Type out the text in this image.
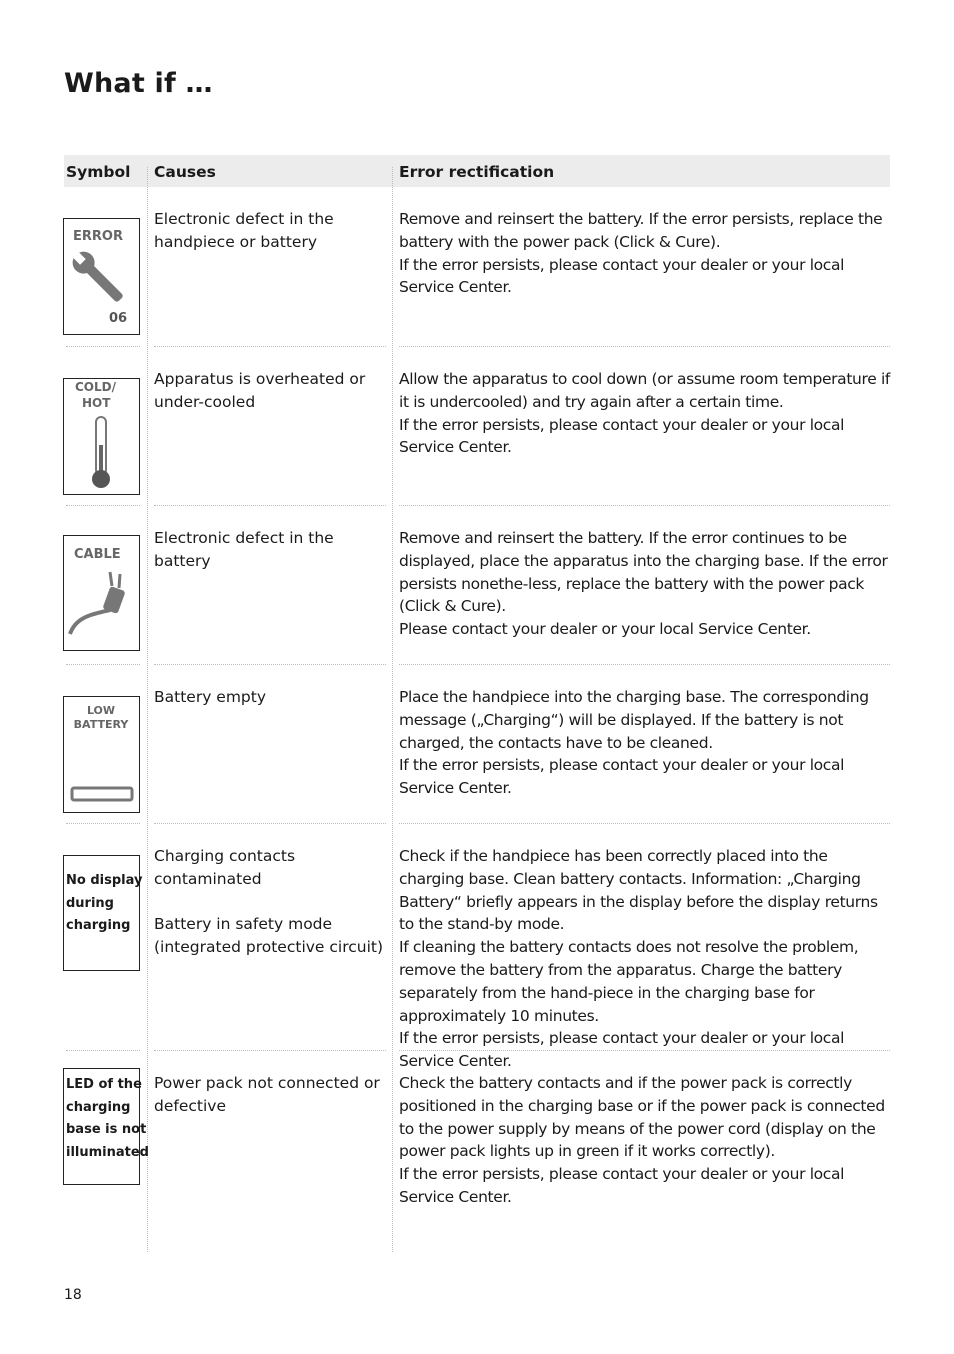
What if …
Symbol Causes	Error rectification
ERROR
06
Electronic defect in the handpiece or battery
Remove and reinsert the battery. If the error persists, replace the battery with the power pack (Click & Cure).
If the error persists, please contact your dealer or your local Service Center.
COLD/
HOT
Apparatus is overheated or under-cooled
Allow the apparatus to cool down (or assume room temperature if it is undercooled) and try again after a certain time.
If the error persists, please contact your dealer or your local Service Center.
CABLE
Electronic defect in the battery
Remove and reinsert the battery. If the error continues to be displayed, place the apparatus into the charging base. If the error persists nonethe-less, replace the battery with the power pack (Click & Cure).
Please contact your dealer or your local Service Center.
LOW
BATTERY
Battery empty	Place the handpiece into the charging base. The corresponding message („Charging“) will be displayed. If the battery is not charged, the contacts have to be cleaned.
If the error persists, please contact your dealer or your local Service Center.
No display
during
charging
Charging contacts contaminated

Battery in safety mode
(integrated protective circuit)
Check if the handpiece has been correctly placed into the charging base. Clean battery contacts. Information: „Charging Battery“ briefly appears in the display before the display returns to the stand-by mode.
If cleaning the battery contacts does not resolve the problem, remove the battery from the apparatus. Charge the battery separately from the hand-piece in the charging base for approximately 10 minutes.
If the error persists, please contact your dealer or your local Service Center.
LED of the
charging
base is not
illuminated
Power pack not connected or defective
Check the battery contacts and if the power pack is correctly positioned in the charging base or if the power pack is connected to the power supply by means of the power cord (display on the power pack lights up in green if it works correctly).
If the error persists, please contact your dealer or your local Service Center.
18
